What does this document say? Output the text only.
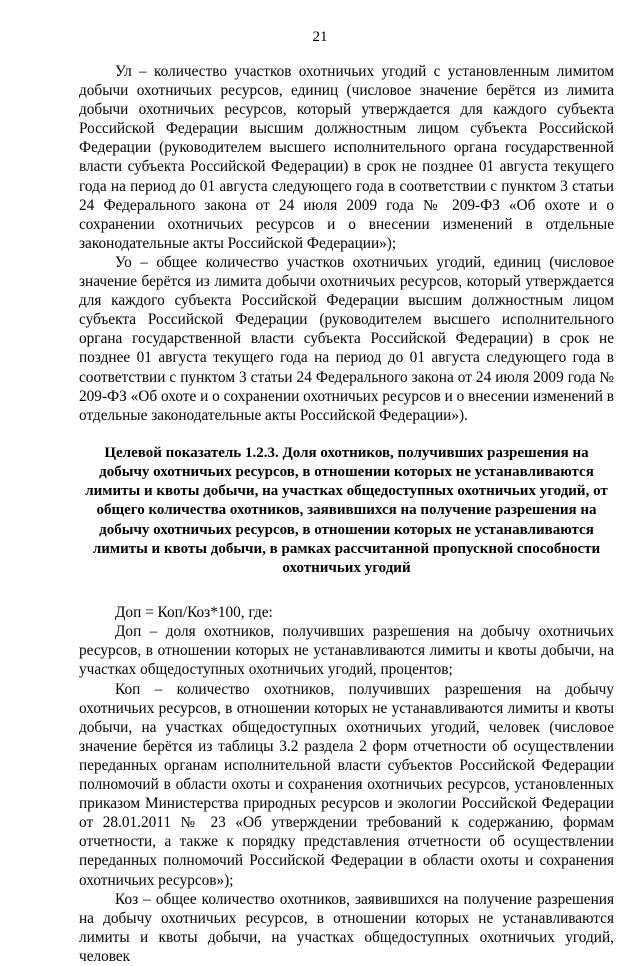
21

Ул – количество участков охотничьих угодий с установленным лимитом добычи охотничьих ресурсов, единиц (числовое значение берётся из лимита добычи охотничьих ресурсов, который утверждается для каждого субъекта Российской Федерации высшим должностным лицом субъекта Российской Федерации (руководителем высшего исполнительного органа государственной власти субъекта Российской Федерации) в срок не позднее 01 августа текущего года на период до 01 августа следующего года в соответствии с пунктом 3 статьи 24 Федерального закона от 24 июля 2009 года № 209-ФЗ «Об охоте и о сохранении охотничьих ресурсов и о внесении изменений в отдельные законодательные акты Российской Федерации»);

Уо – общее количество участков охотничьих угодий, единиц (числовое значение берётся из лимита добычи охотничьих ресурсов, который утверждается для каждого субъекта Российской Федерации высшим должностным лицом субъекта Российской Федерации (руководителем высшего исполнительного органа государственной власти субъекта Российской Федерации) в срок не позднее 01 августа текущего года на период до 01 августа следующего года в соответствии с пунктом 3 статьи 24 Федерального закона от 24 июля 2009 года № 209-ФЗ «Об охоте и о сохранении охотничьих ресурсов и о внесении изменений в отдельные законодательные акты Российской Федерации»).

Целевой показатель 1.2.3. Доля охотников, получивших разрешения на добычу охотничьих ресурсов, в отношении которых не устанавливаются лимиты и квоты добычи, на участках общедоступных охотничьих угодий, от общего количества охотников, заявившихся на получение разрешения на добычу охотничьих ресурсов, в отношении которых не устанавливаются лимиты и квоты добычи, в рамках рассчитанной пропускной способности охотничьих угодий

Доп = Коп/Коз*100, где:

Доп – доля охотников, получивших разрешения на добычу охотничьих ресурсов, в отношении которых не устанавливаются лимиты и квоты добычи, на участках общедоступных охотничьих угодий, процентов;

Коп – количество охотников, получивших разрешения на добычу охотничьих ресурсов, в отношении которых не устанавливаются лимиты и квоты добычи, на участках общедоступных охотничьих угодий, человек (числовое значение берётся из таблицы 3.2 раздела 2 форм отчетности об осуществлении переданных органам исполнительной власти субъектов Российской Федерации полномочий в области охоты и сохранения охотничьих ресурсов, установленных приказом Министерства природных ресурсов и экологии Российской Федерации от 28.01.2011 № 23 «Об утверждении требований к содержанию, формам отчетности, а также к порядку представления отчетности об осуществлении переданных полномочий Российской Федерации в области охоты и сохранения охотничьих ресурсов»);

Коз – общее количество охотников, заявившихся на получение разрешения на добычу охотничьих ресурсов, в отношении которых не устанавливаются лимиты и квоты добычи, на участках общедоступных охотничьих угодий, человек
